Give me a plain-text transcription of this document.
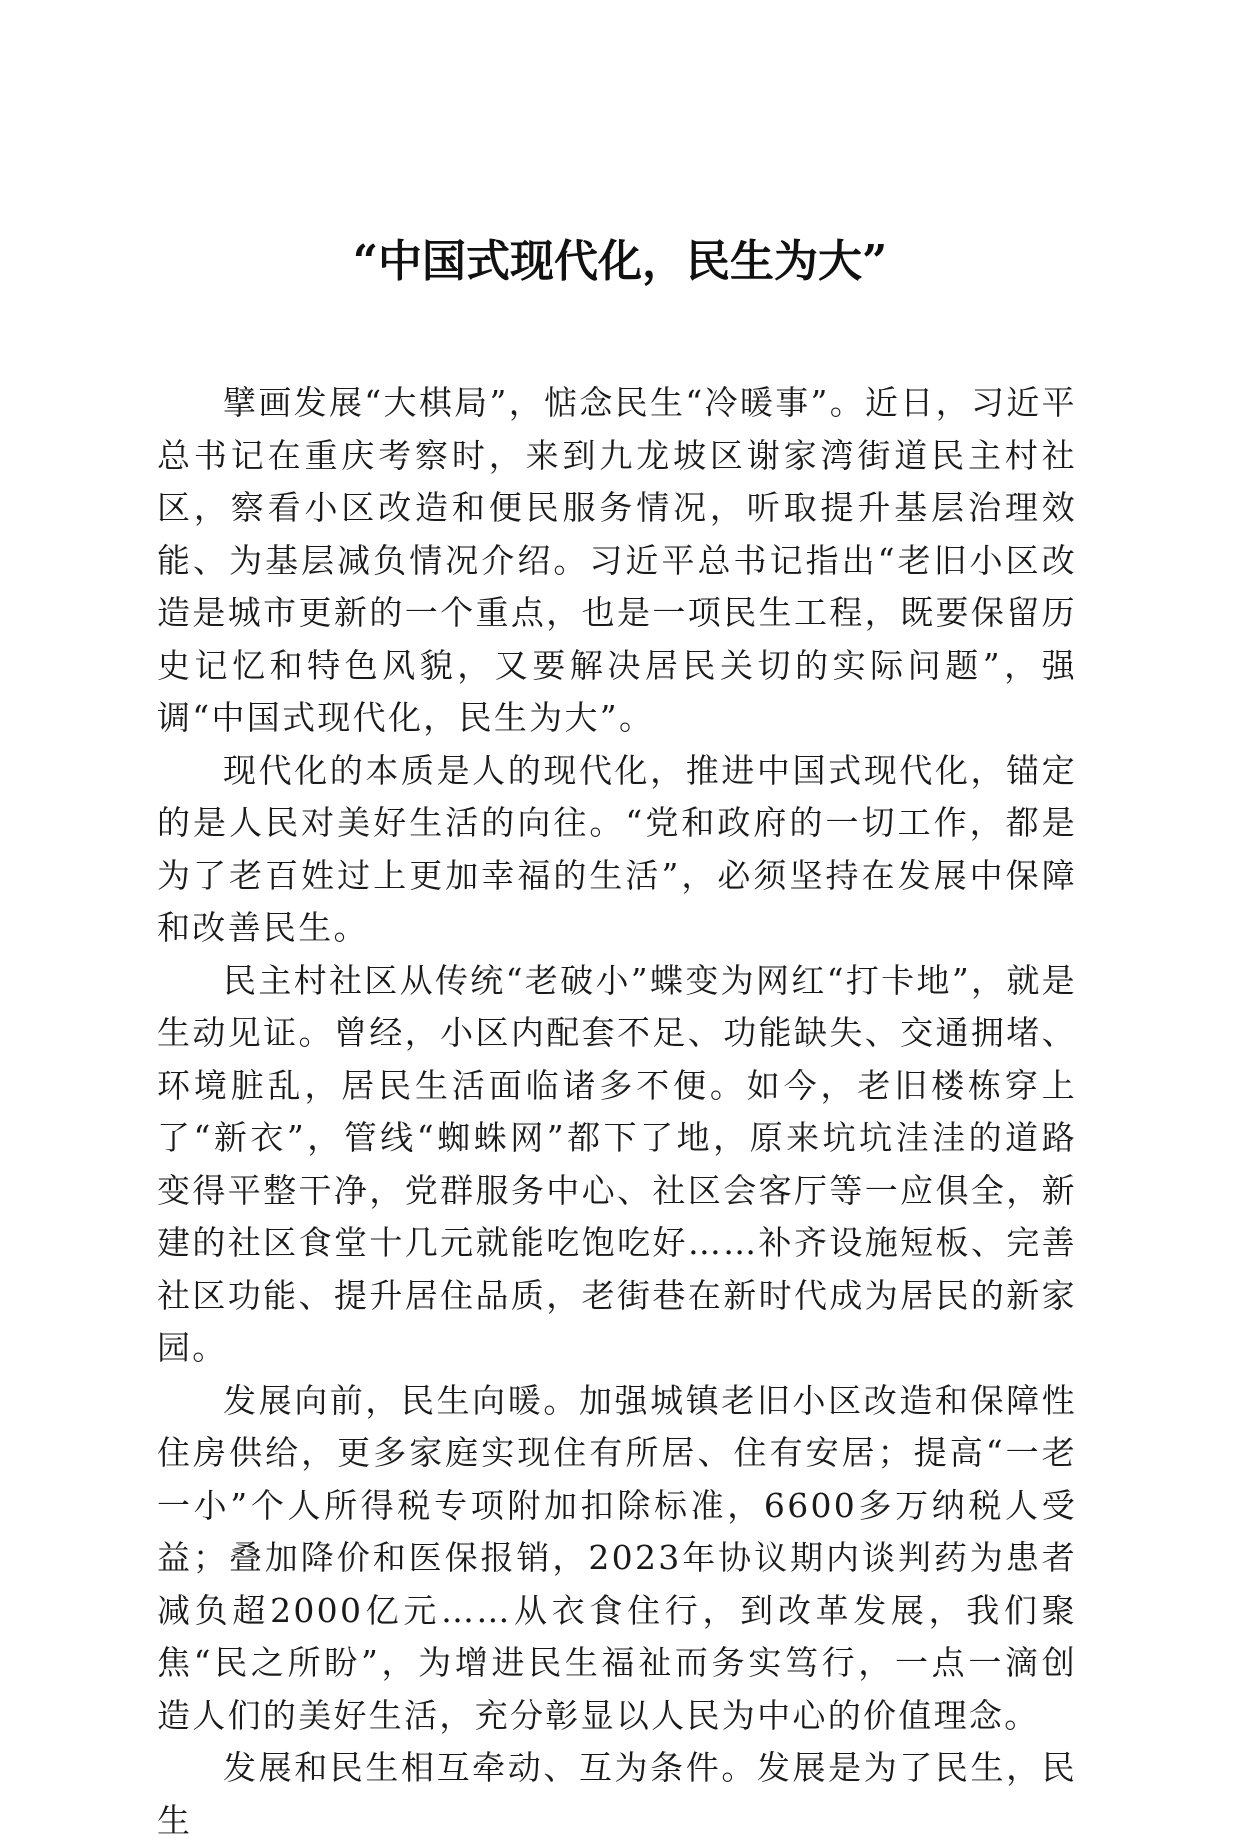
“中国式现代化，民生为大”

擘画发展“大棋局”，惦念民生“冷暖事”。近日，习近平总书记在重庆考察时，来到九龙坡区谢家湾街道民主村社区，察看小区改造和便民服务情况，听取提升基层治理效能、为基层减负情况介绍。习近平总书记指出“老旧小区改造是城市更新的一个重点，也是一项民生工程，既要保留历史记忆和特色风貌，又要解决居民关切的实际问题”，强调“中国式现代化，民生为大”。

现代化的本质是人的现代化，推进中国式现代化，锚定的是人民对美好生活的向往。“党和政府的一切工作，都是为了老百姓过上更加幸福的生活”，必须坚持在发展中保障和改善民生。

民主村社区从传统“老破小”蝶变为网红“打卡地”，就是生动见证。曾经，小区内配套不足、功能缺失、交通拥堵、环境脏乱，居民生活面临诸多不便。如今，老旧楼栋穿上了“新衣”，管线“蜘蛛网”都下了地，原来坑坑洼洼的道路变得平整干净，党群服务中心、社区会客厅等一应俱全，新建的社区食堂十几元就能吃饱吃好……补齐设施短板、完善社区功能、提升居住品质，老街巷在新时代成为居民的新家园。

发展向前，民生向暖。加强城镇老旧小区改造和保障性住房供给，更多家庭实现住有所居、住有安居；提高“一老一小”个人所得税专项附加扣除标准，6600多万纳税人受益；叠加降价和医保报销，2023年协议期内谈判药为患者减负超2000亿元……从衣食住行，到改革发展，我们聚焦“民之所盼”，为增进民生福祉而务实笃行，一点一滴创造人们的美好生活，充分彰显以人民为中心的价值理念。

发展和民生相互牵动、互为条件。发展是为了民生，民生
